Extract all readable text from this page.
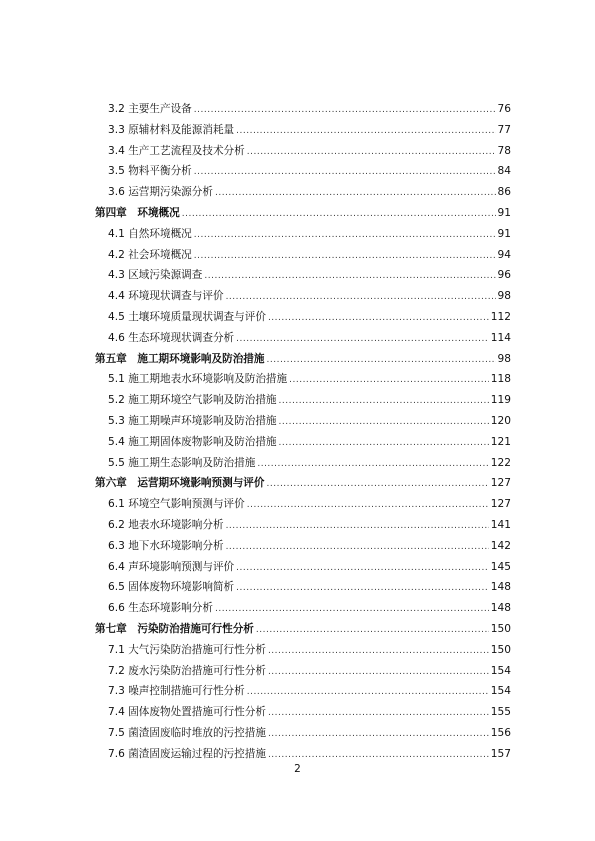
3.2 主要生产设备 .....	76
3.3 原辅材料及能源消耗量 .....	77
3.4 生产工艺流程及技术分析 .....	78
3.5 物料平衡分析 .....	84
3.6 运营期污染源分析 .....	86
第四章　环境概况 .....	91
4.1 自然环境概况 .....	91
4.2 社会环境概况 .....	94
4.3 区域污染源调查 .....	96
4.4 环境现状调查与评价 .....	98
4.5 土壤环境质量现状调查与评价 .....	112
4.6 生态环境现状调查分析 .....	114
第五章　施工期环境影响及防治措施 .....	98
5.1 施工期地表水环境影响及防治措施 .....	118
5.2 施工期环境空气影响及防治措施 .....	119
5.3 施工期噪声环境影响及防治措施 .....	120
5.4 施工期固体废物影响及防治措施 .....	121
5.5 施工期生态影响及防治措施 .....	122
第六章　运营期环境影响预测与评价 .....	127
6.1 环境空气影响预测与评价 .....	127
6.2 地表水环境影响分析 .....	141
6.3 地下水环境影响分析 .....	142
6.4 声环境影响预测与评价 .....	145
6.5 固体废物环境影响简析 .....	148
6.6 生态环境影响分析 .....	148
第七章　污染防治措施可行性分析 .....	150
7.1 大气污染防治措施可行性分析 .....	150
7.2 废水污染防治措施可行性分析 .....	154
7.3 噪声控制措施可行性分析 .....	154
7.4 固体废物处置措施可行性分析 .....	155
7.5 菌渣固废临时堆放的污控措施 .....	156
7.6 菌渣固废运输过程的污控措施 .....	157
2
